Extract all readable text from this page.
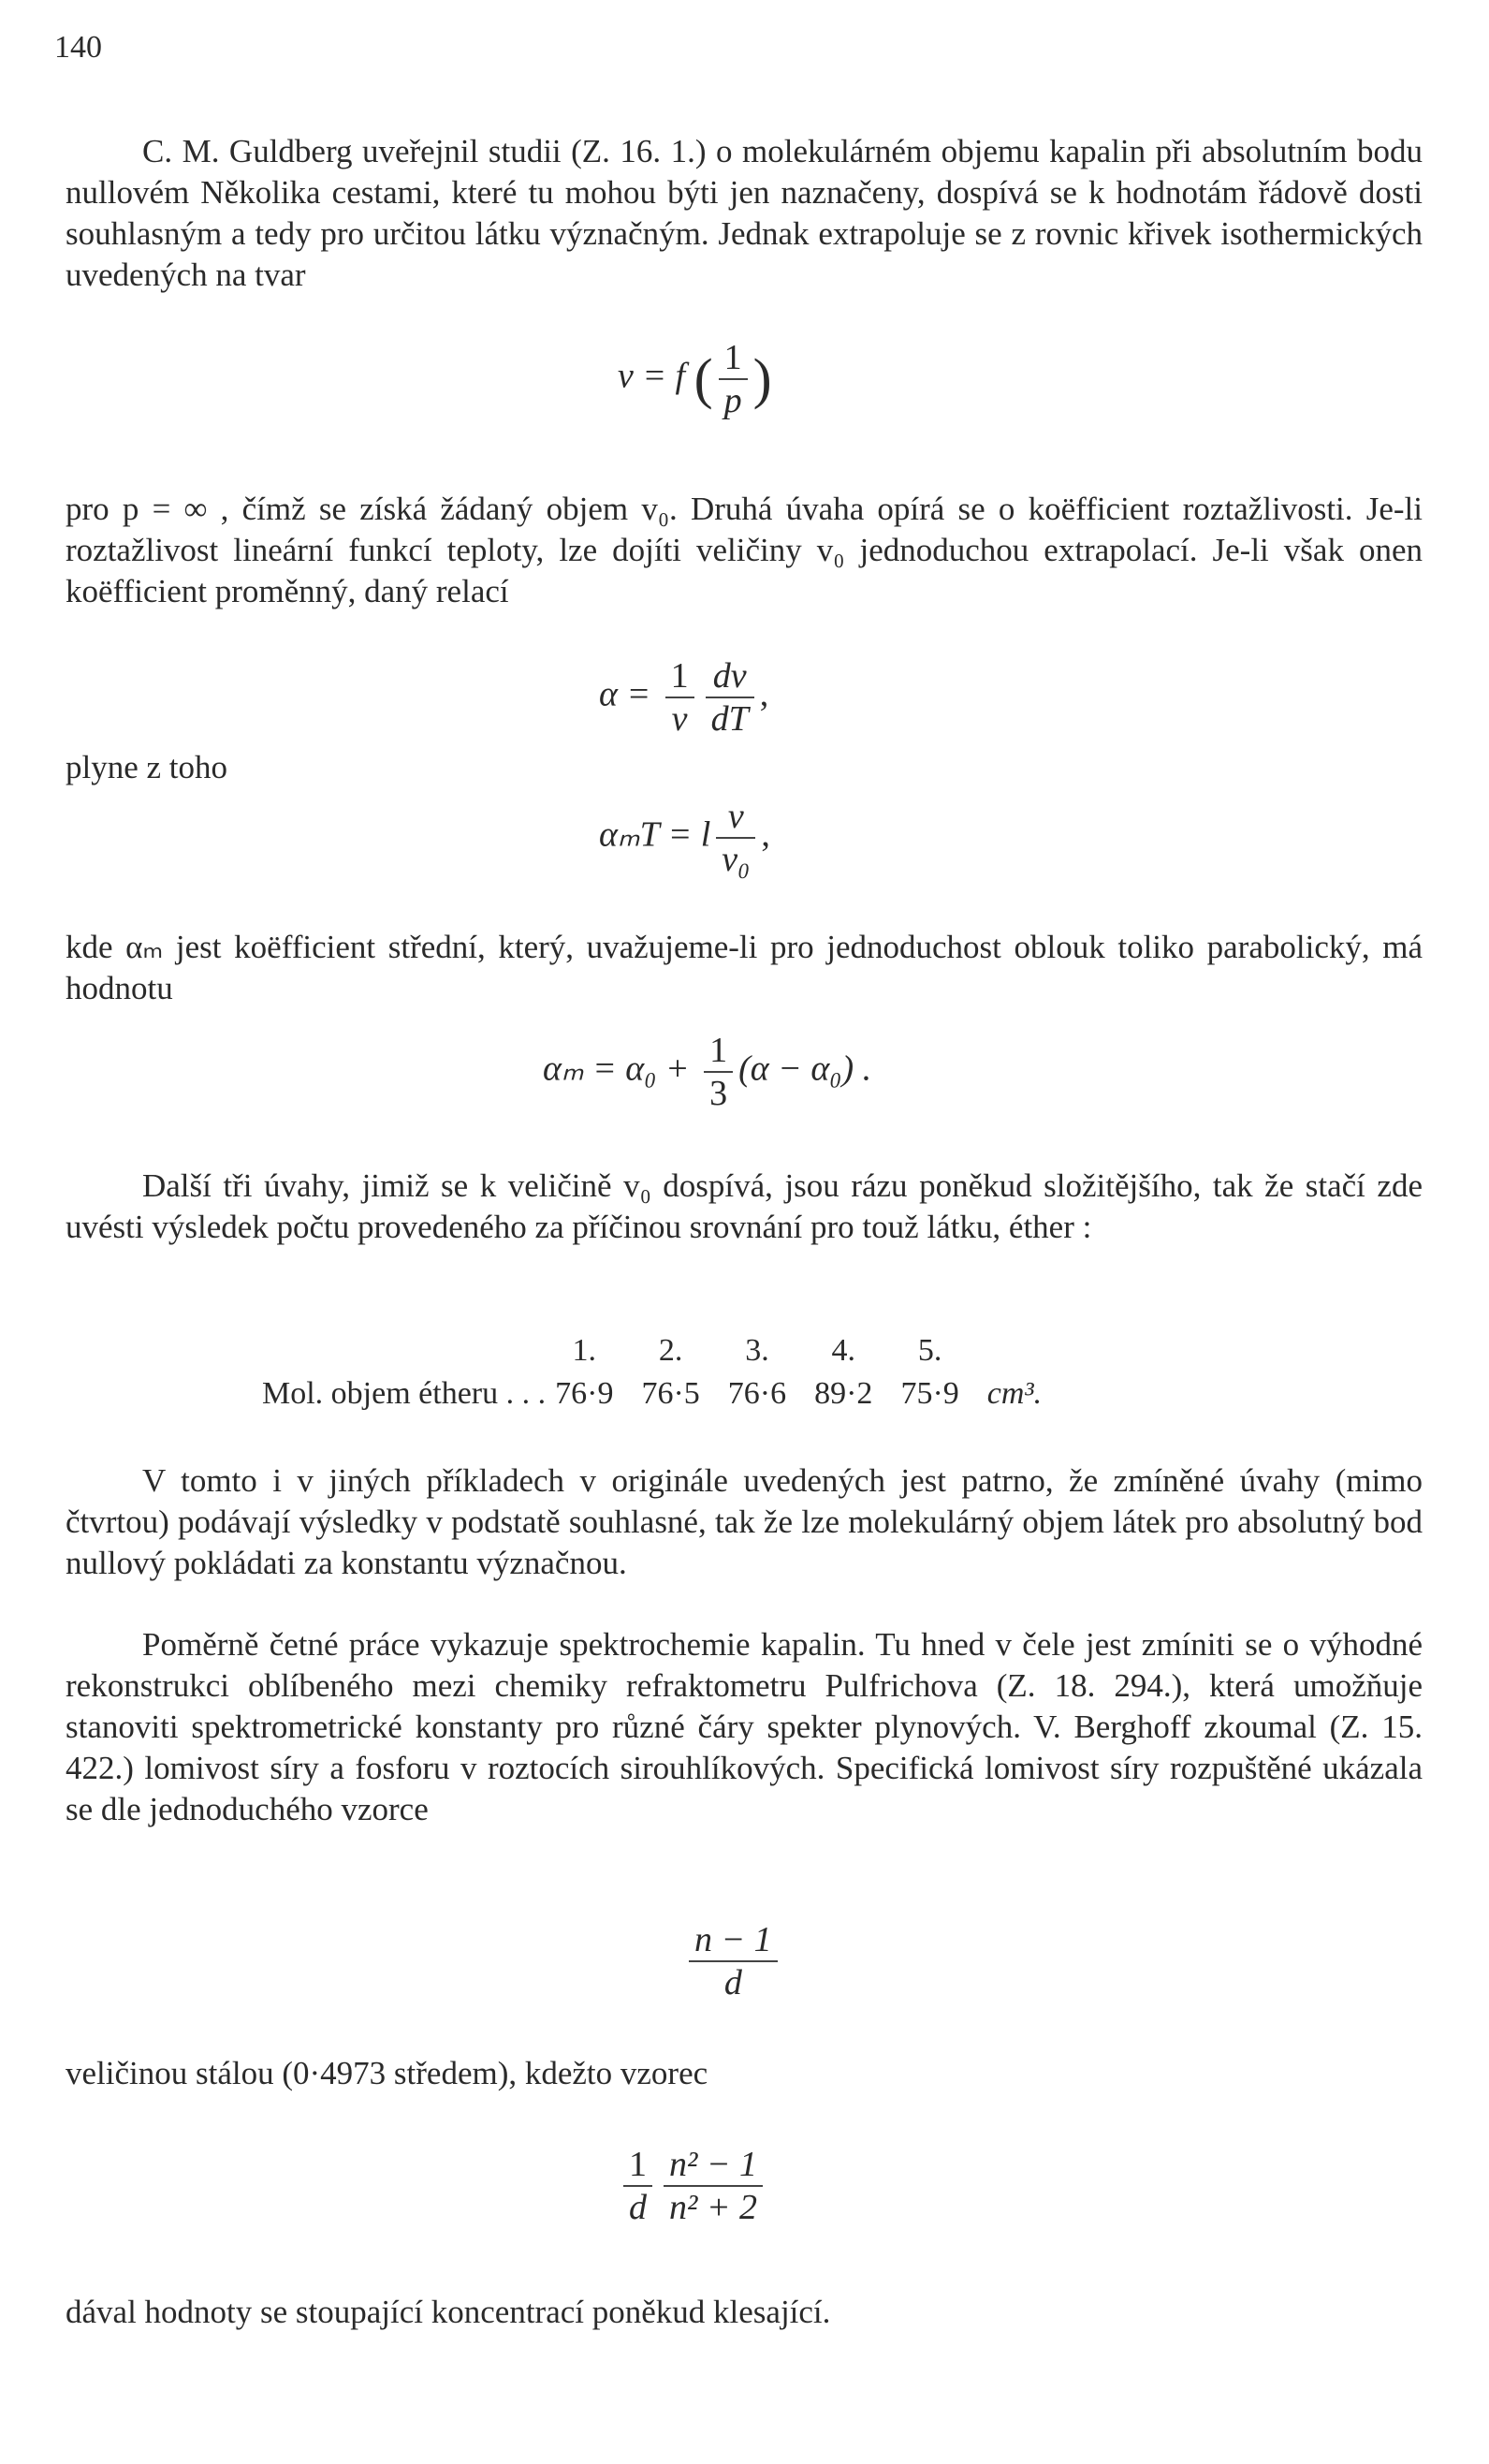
140
C. M. Guldberg uveřejnil studii (Z. 16. 1.) o molekulárném objemu kapalin při absolutním bodu nullovém Několika cestami, které tu mohou býti jen naznačeny, dospívá se k hodnotám řádově dosti souhlasným a tedy pro určitou látku význačným. Jednak extrapoluje se z rovnic křivek isothermických uvedených na tvar
v = f ( $\frac{1}{p}$ )
pro p = ∞ , čímž se získá žádaný objem v₀. Druhá úvaha opírá se o koëfficient roztažlivosti. Je-li roztažlivost lineární funkcí teploty, lze dojíti veličiny v₀ jednoduchou extrapolací. Je-li však onen koëfficient proměnný, daný relací
$\alpha = \frac{1}{v} \frac{dv}{dT}$ ,
plyne z toho
αₘT = l $\frac{v}{\text{v₀}}$ ,
kde αₘ jest koëfficient střední, který, uvažujeme-li pro jednoduchost oblouk toliko parabolický, má hodnotu
$\alpha_m = \alpha_0 + \frac{1}{3} (\alpha - \alpha_0)$ .
Další tři úvahy, jimiž se k veličině v₀ dospívá, jsou rázu poněkud složitějšího, tak že stačí zde uvésti výsledek počtu provedeného za příčinou srovnání pro touž látku, éther :
	1.	2.	3.	4.	5.	
Mol. objem étheru . . .	76·9	76·5	76·6	89·2	75·9	cm³.
V tomto i v jiných příkladech v originále uvedených jest patrno, že zmíněné úvahy (mimo čtvrtou) podávají výsledky v podstatě souhlasné, tak že lze molekulárný objem látek pro absolutný bod nullový pokládati za konstantu význačnou.
Poměrně četné práce vykazuje spektrochemie kapalin. Tu hned v čele jest zmíniti se o výhodné rekonstrukci oblíbeného mezi chemiky refraktometru Pulfrichova (Z. 18. 294.), která umožňuje stanoviti spektrometrické konstanty pro různé čáry spekter plynových. V. Berghoff zkoumal (Z. 15. 422.) lomivost síry a fosforu v roztocích sirouhlíkových. Specifická lomivost síry rozpuštěné ukázala se dle jednoduchého vzorce
$\frac{n - 1}{d}$
veličinou stálou (0·4973 středem), kdežto vzorec
$\frac{1}{d} \frac{\text{n² − 1}}{\text{n² + 2}}$
dával hodnoty se stoupající koncentrací poněkud klesající.
